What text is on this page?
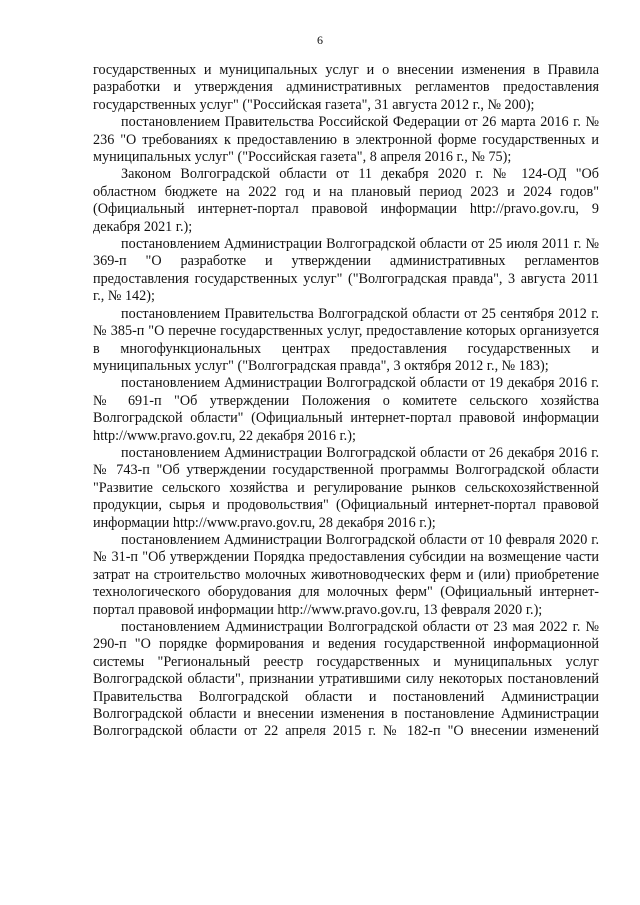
6

государственных и муниципальных услуг и о внесении изменения в Правила разработки и утверждения административных регламентов предоставления государственных услуг" ("Российская газета", 31 августа 2012 г., № 200);

постановлением Правительства Российской Федерации от 26 марта 2016 г. № 236 "О требованиях к предоставлению в электронной форме государственных и муниципальных услуг" ("Российская газета", 8 апреля 2016 г., № 75);

Законом Волгоградской области от 11 декабря 2020 г. № 124-ОД "Об областном бюджете на 2022 год и на плановый период 2023 и 2024 годов" (Официальный интернет-портал правовой информации http://pravo.gov.ru, 9 декабря 2021 г.);

постановлением Администрации Волгоградской области от 25 июля 2011 г. № 369-п "О разработке и утверждении административных регламентов предоставления государственных услуг" ("Волгоградская правда", 3 августа 2011 г., № 142);

постановлением Правительства Волгоградской области от 25 сентября 2012 г. № 385-п "О перечне государственных услуг, предоставление которых организуется в многофункциональных центрах предоставления государственных и муниципальных услуг" ("Волгоградская правда", 3 октября 2012 г., № 183);

постановлением Администрации Волгоградской области от 19 декабря 2016 г. № 691-п "Об утверждении Положения о комитете сельского хозяйства Волгоградской области" (Официальный интернет-портал правовой информации http://www.pravo.gov.ru, 22 декабря 2016 г.);

постановлением Администрации Волгоградской области от 26 декабря 2016 г. № 743-п "Об утверждении государственной программы Волгоградской области "Развитие сельского хозяйства и регулирование рынков сельскохозяйственной продукции, сырья и продовольствия" (Официальный интернет-портал правовой информации http://www.pravo.gov.ru, 28 декабря 2016 г.);

постановлением Администрации Волгоградской области от 10 февраля 2020 г. № 31-п "Об утверждении Порядка предоставления субсидии на возмещение части затрат на строительство молочных животноводческих ферм и (или) приобретение технологического оборудования для молочных ферм" (Официальный интернет-портал правовой информации http://www.pravo.gov.ru, 13 февраля 2020 г.);

постановлением Администрации Волгоградской области от 23 мая 2022 г. № 290-п "О порядке формирования и ведения государственной информационной системы "Региональный реестр государственных и муниципальных услуг Волгоградской области", признании утратившими силу некоторых постановлений Правительства Волгоградской области и постановлений Администрации Волгоградской области и внесении изменения в постановление Администрации Волгоградской области от 22 апреля 2015 г. № 182-п "О внесении изменений
